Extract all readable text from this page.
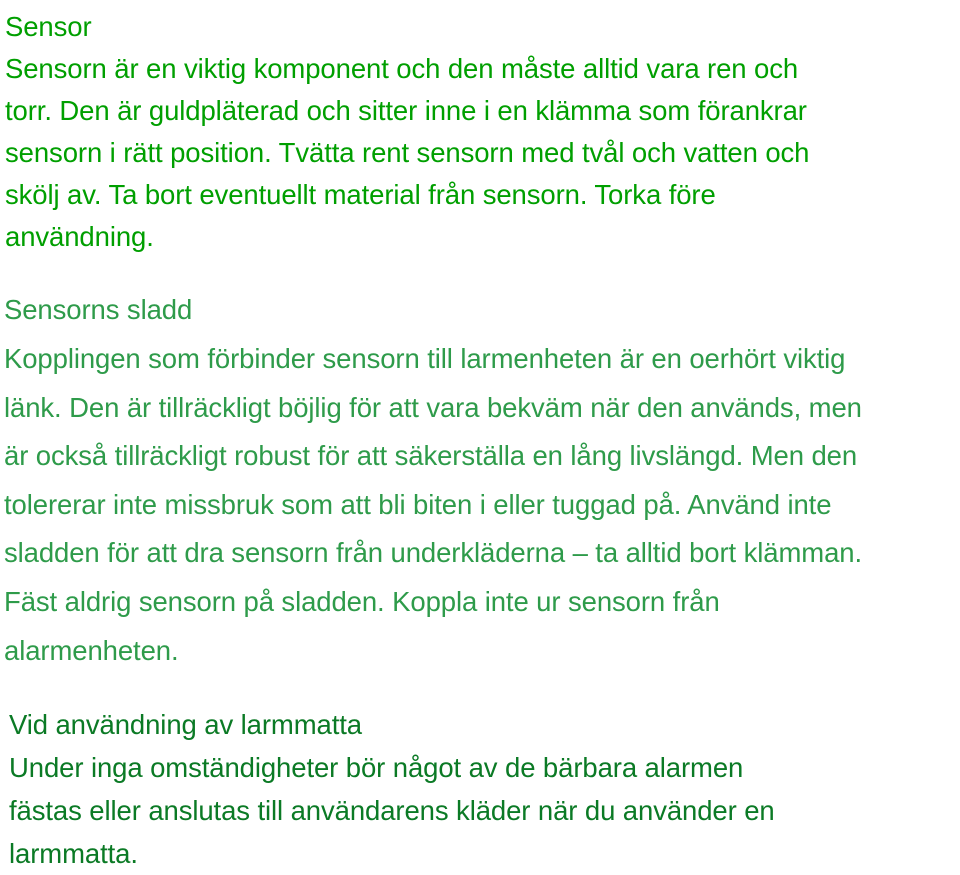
Sensor
Sensorn är en viktig komponent och den måste alltid vara ren och
torr. Den är guldpläterad och sitter inne i en klämma som förankrar
sensorn i rätt position. Tvätta rent sensorn med tvål och vatten och
skölj av. Ta bort eventuellt material från sensorn. Torka före
användning.
Sensorns sladd
Kopplingen som förbinder sensorn till larmenheten är en oerhört viktig
länk. Den är tillräckligt böjlig för att vara bekväm när den används, men
är också tillräckligt robust för att säkerställa en lång livslängd. Men den
tolererar inte missbruk som att bli biten i eller tuggad på. Använd inte
sladden för att dra sensorn från underkläderna – ta alltid bort klämman.
Fäst aldrig sensorn på sladden. Koppla inte ur sensorn från
alarmenheten.
Vid användning av larmmatta
Under inga omständigheter bör något av de bärbara alarmen
fästas eller anslutas till användarens kläder när du använder en
larmmatta.
